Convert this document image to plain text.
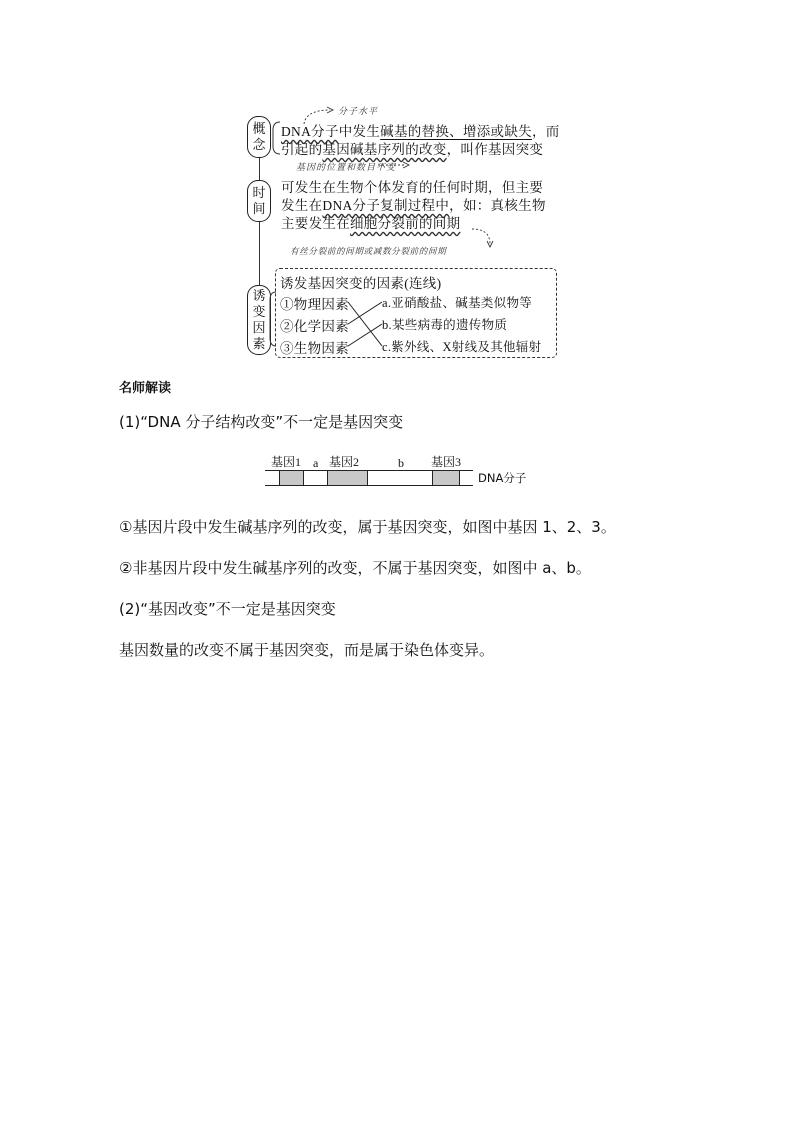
概
念
时
间
诱
变
因
素
分子水平
DNA分子中发生碱基的替换、增添或缺失，而
引起的基因碱基序列的改变，叫作基因突变
基因的位置和数目不变
可发生在生物个体发育的任何时期，但主要
发生在DNA分子复制过程中，如：真核生物
主要发生在细胞分裂前的间期
有丝分裂前的间期或减数分裂前的间期
诱发基因突变的因素(连线)
①物理因素
②化学因素
③生物因素
a.亚硝酸盐、碱基类似物等
b.某些病毒的遗传物质
c.紫外线、X射线及其他辐射
名师解读
(1)“DNA 分子结构改变”不一定是基因突变
基因1 a 基因2	b 基因3
DNA分子
①基因片段中发生碱基序列的改变，属于基因突变，如图中基因 1、2、3。
②非基因片段中发生碱基序列的改变，不属于基因突变，如图中 a、b。
(2)“基因改变”不一定是基因突变
基因数量的改变不属于基因突变，而是属于染色体变异。
